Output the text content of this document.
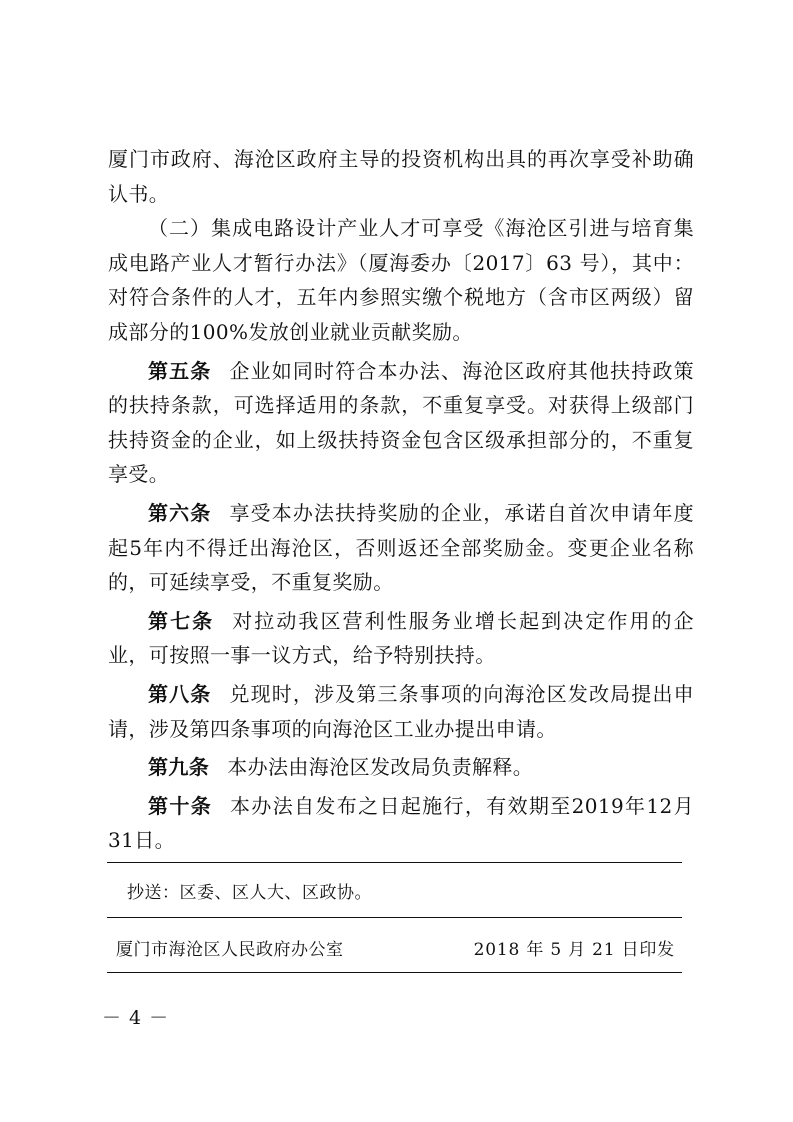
厦门市政府、海沧区政府主导的投资机构出具的再次享受补助确认书。

（二）集成电路设计产业人才可享受《海沧区引进与培育集成电路产业人才暂行办法》（厦海委办〔2017〕63 号），其中：对符合条件的人才，五年内参照实缴个税地方（含市区两级）留成部分的100%发放创业就业贡献奖励。

第五条 企业如同时符合本办法、海沧区政府其他扶持政策的扶持条款，可选择适用的条款，不重复享受。对获得上级部门扶持资金的企业，如上级扶持资金包含区级承担部分的，不重复享受。

第六条 享受本办法扶持奖励的企业，承诺自首次申请年度起5年内不得迁出海沧区，否则返还全部奖励金。变更企业名称的，可延续享受，不重复奖励。

第七条 对拉动我区营利性服务业增长起到决定作用的企业，可按照一事一议方式，给予特别扶持。

第八条 兑现时，涉及第三条事项的向海沧区发改局提出申请，涉及第四条事项的向海沧区工业办提出申请。

第九条 本办法由海沧区发改局负责解释。

第十条 本办法自发布之日起施行，有效期至2019年12月31日。

抄送：区委、区人大、区政协。
厦门市海沧区人民政府办公室	2018 年 5 月 21 日印发
－ 4 －
